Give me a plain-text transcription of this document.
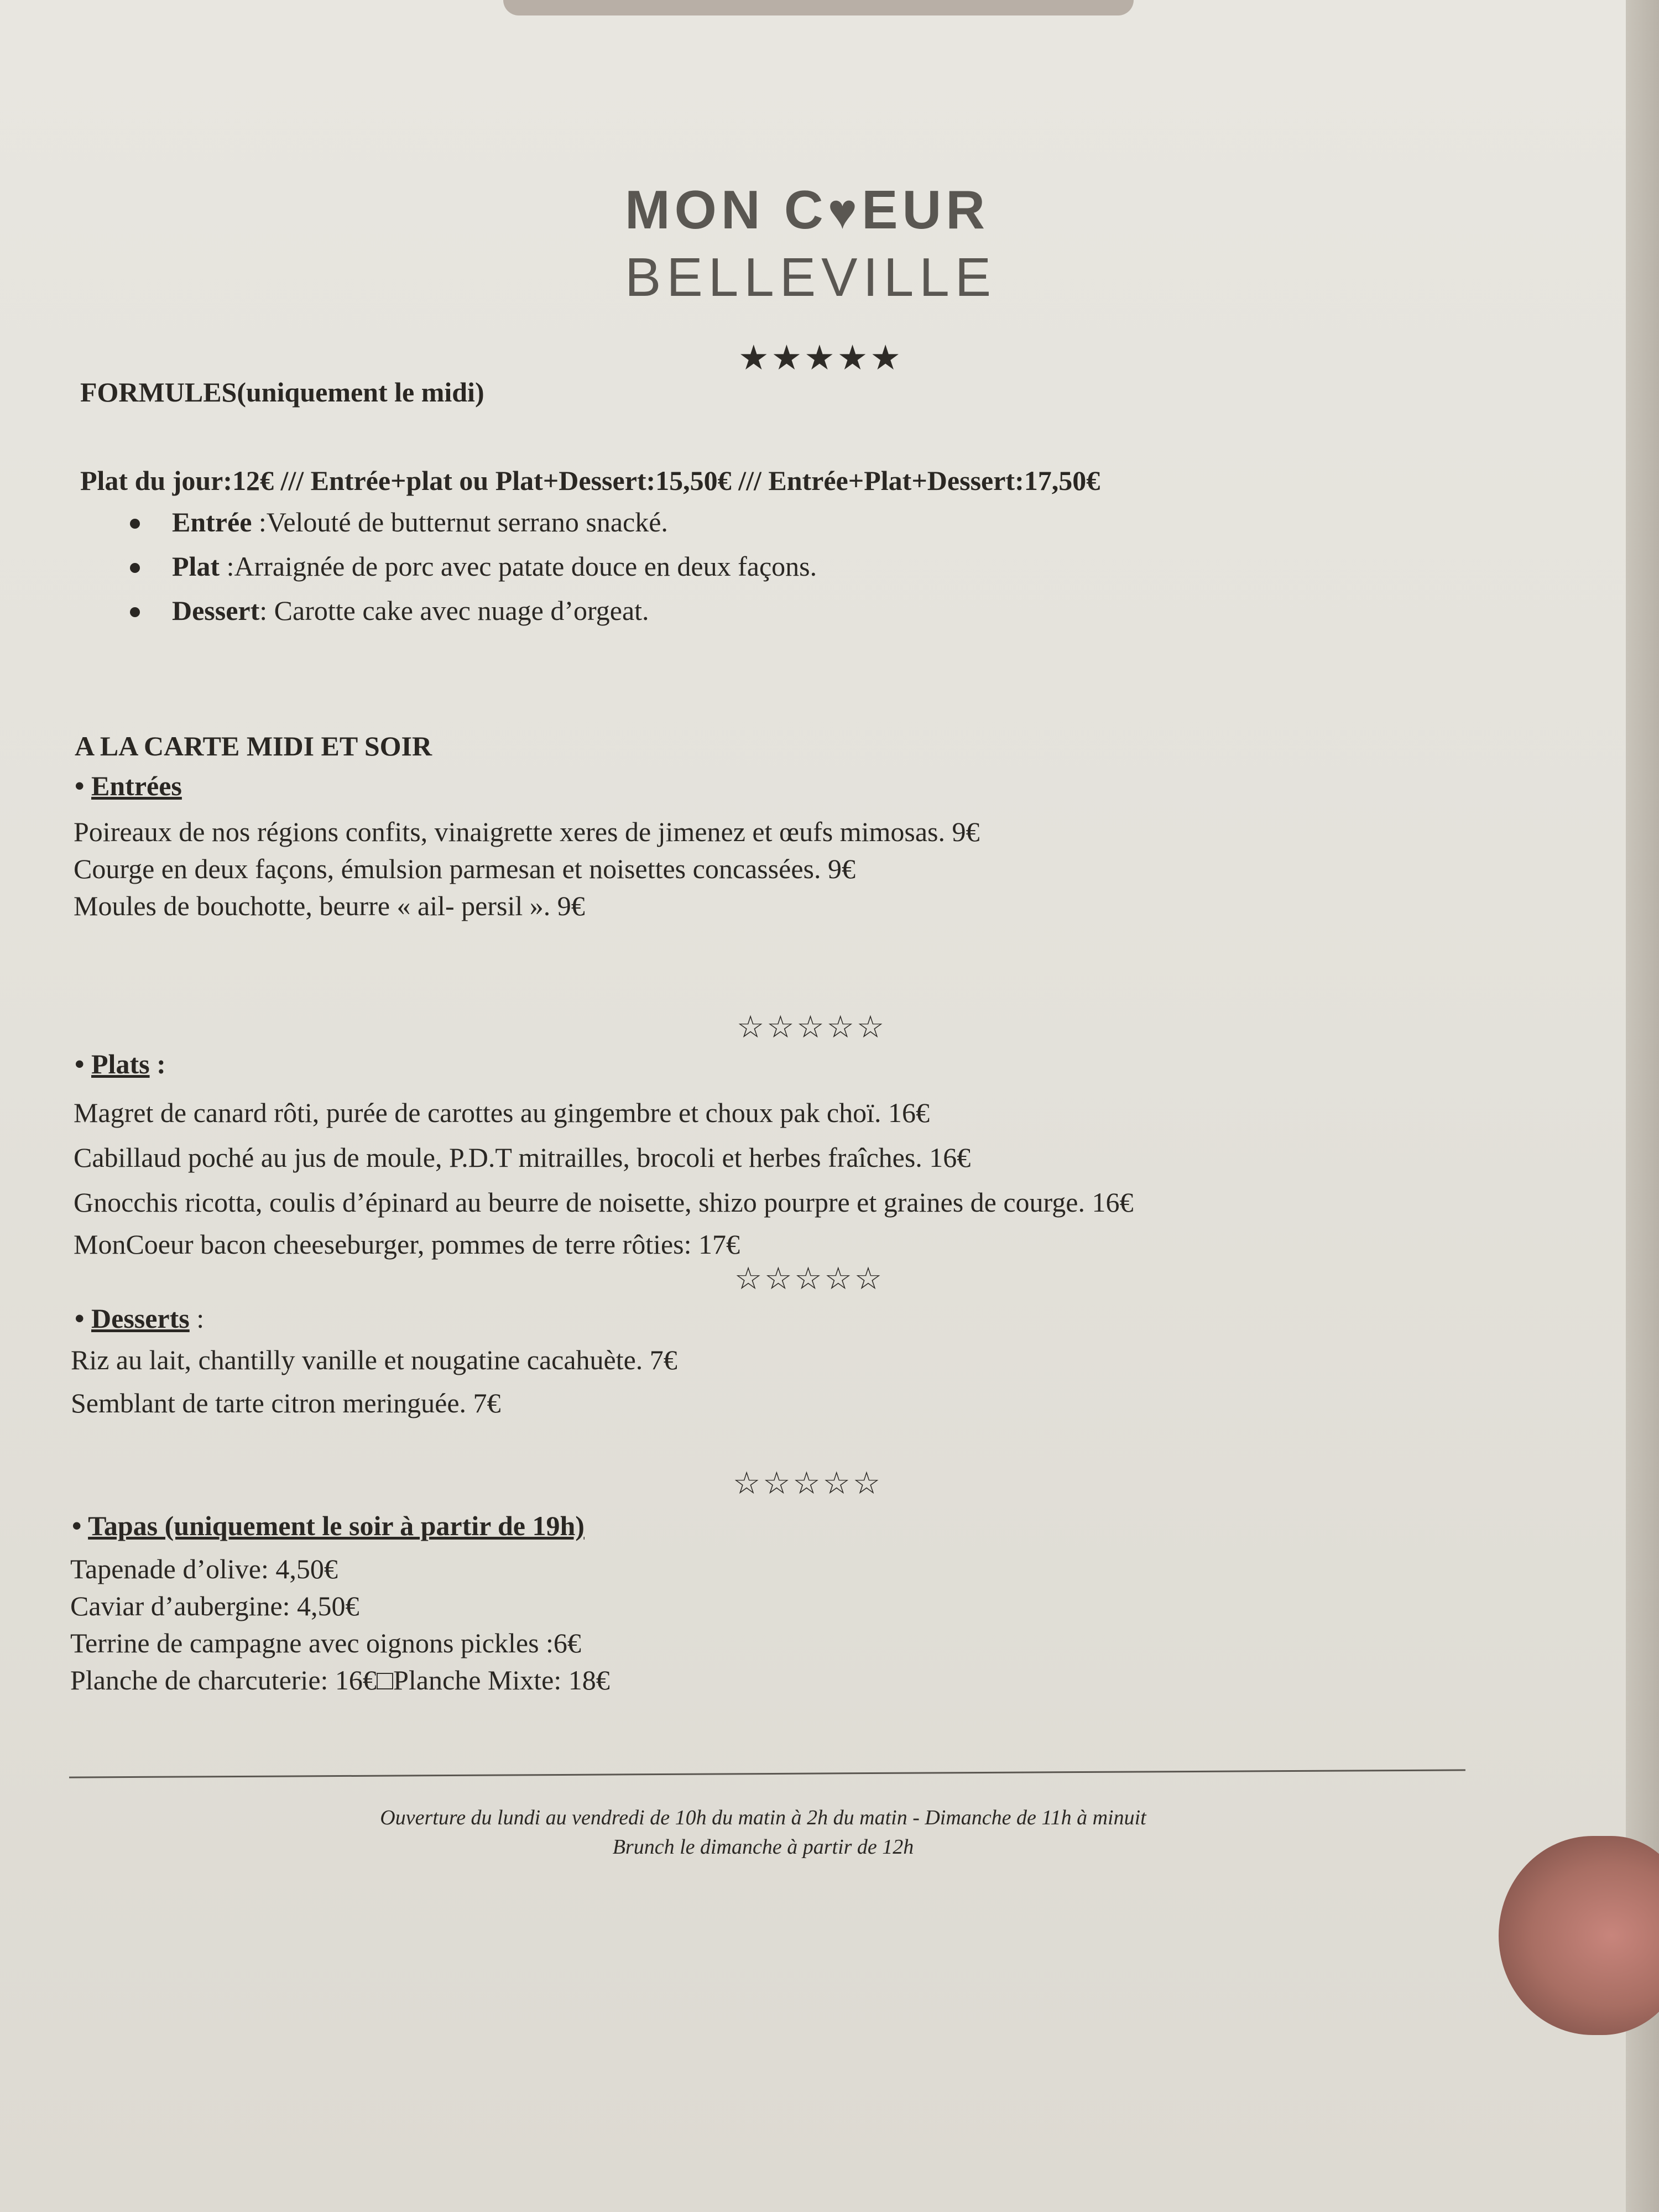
MON C♥EUR
BELLEVILLE
★★★★★
FORMULES(uniquement le midi)
Plat du jour:12€ /// Entrée+plat ou Plat+Dessert:15,50€ /// Entrée+Plat+Dessert:17,50€
Entrée :Velouté de butternut serrano snacké.
Plat :Arraignée de porc avec patate douce en deux façons.
Dessert: Carotte cake avec nuage d’orgeat.
A LA CARTE MIDI ET SOIR
• Entrées
Poireaux de nos régions confits, vinaigrette xeres de jimenez et œufs mimosas. 9€
Courge en deux façons, émulsion parmesan et noisettes concassées. 9€
Moules de bouchotte, beurre « ail- persil ». 9€
☆☆☆☆☆
• Plats :
Magret de canard rôti, purée de carottes au gingembre et choux pak choï. 16€
Cabillaud poché au jus de moule, P.D.T mitrailles, brocoli et herbes fraîches. 16€
Gnocchis ricotta, coulis d’épinard au beurre de noisette, shizo pourpre et graines de courge. 16€
MonCoeur bacon cheeseburger, pommes de terre rôties: 17€
☆☆☆☆☆
• Desserts :
Riz au lait, chantilly vanille et nougatine cacahuète. 7€
Semblant de tarte citron meringuée. 7€
☆☆☆☆☆
• Tapas (uniquement le soir à partir de 19h)
Tapenade d’olive: 4,50€
Caviar d’aubergine: 4,50€
Terrine de campagne avec oignons pickles :6€
Planche de charcuterie: 16€□Planche Mixte: 18€
Ouverture du lundi au vendredi de 10h du matin à 2h du matin - Dimanche de 11h à minuit
Brunch le dimanche à partir de 12h
